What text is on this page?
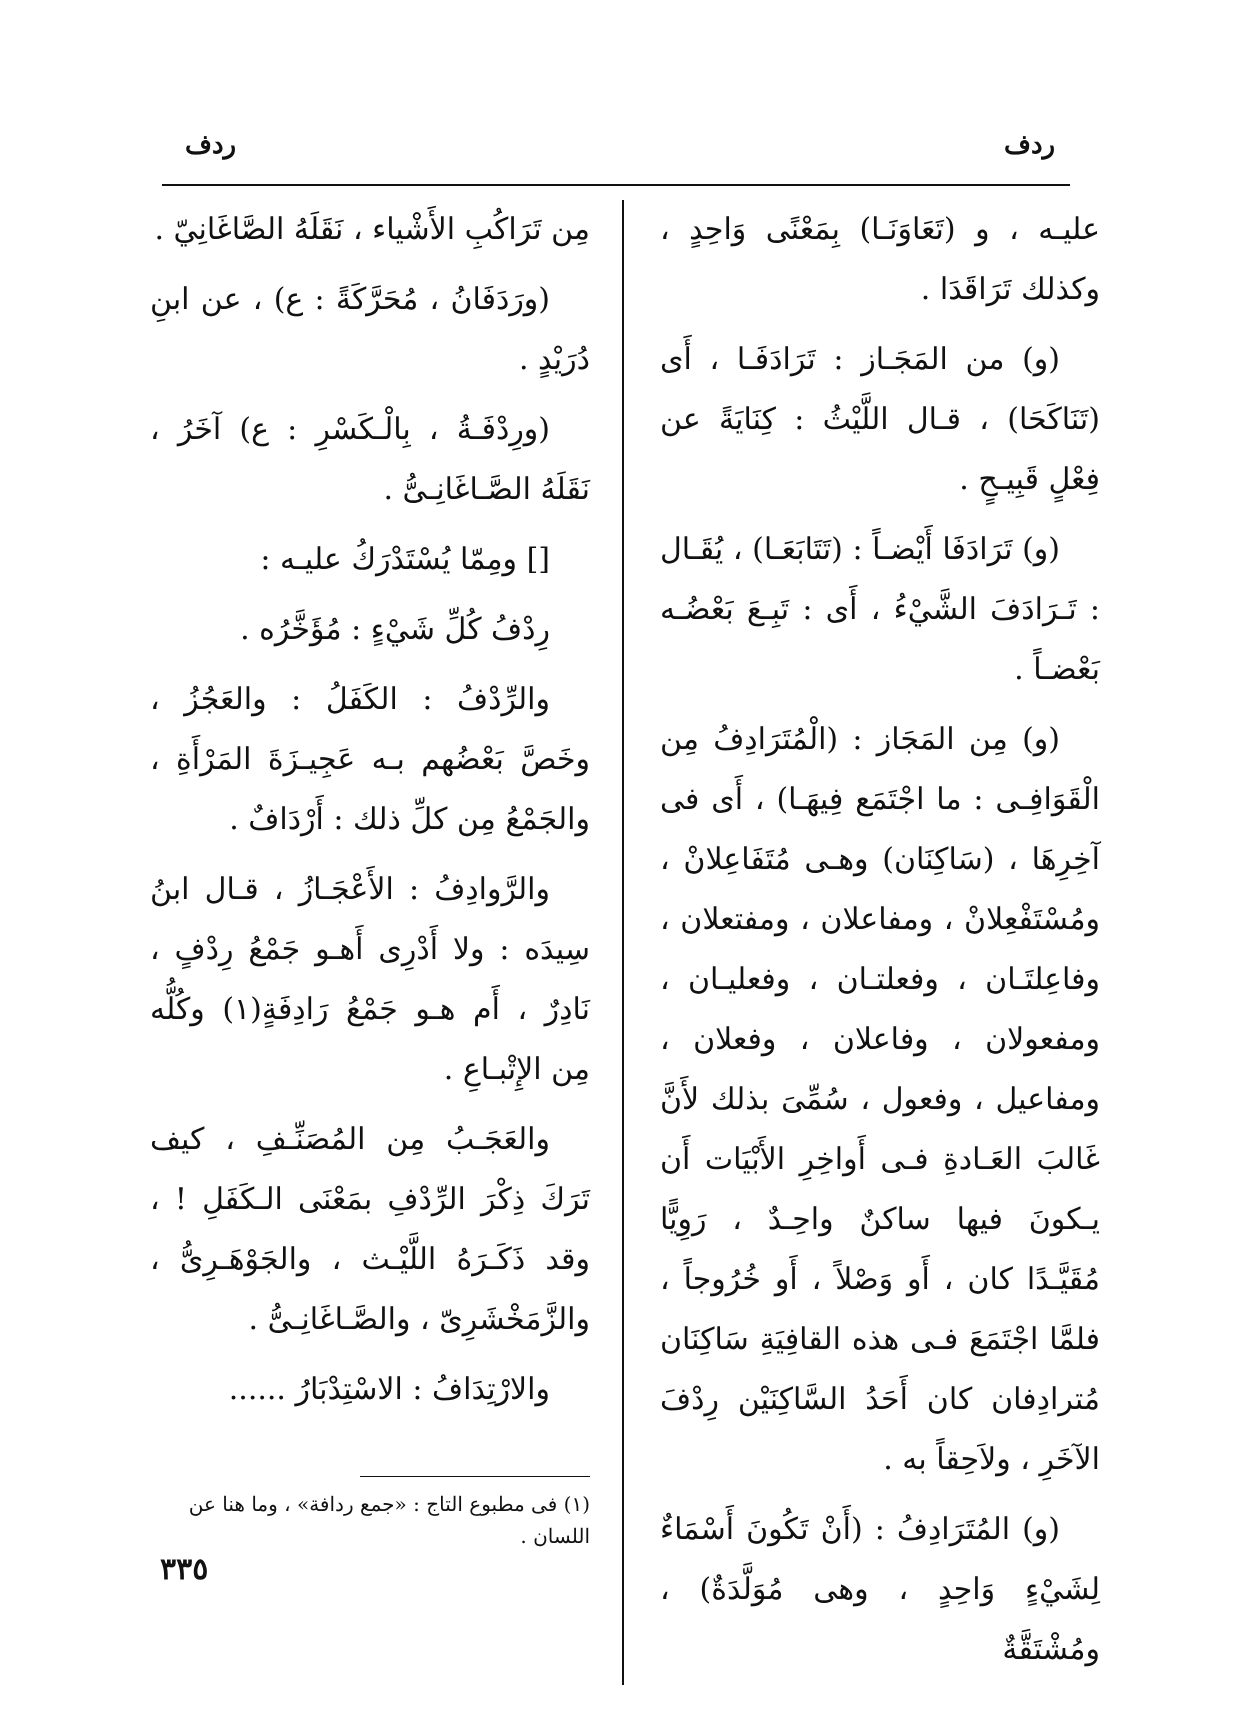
ردف
ردف

عليـه ، و (تَعَاوَنَـا) بِمَعْنًى وَاحِدٍ ، وكذلك تَرَاقَدَا .

(و) من المَجَـاز : تَرَادَفَـا ، أَى (تَنَاكَحَا) ، قـال اللَّيْثُ : كِنَايَةً عن فِعْلٍ قَبِيـحٍ .

(و) تَرَادَفَا أَيْضـاً : (تَتَابَعَـا) ، يُقَـال : تَـرَادَفَ الشَّيْءُ ، أَى : تَبِـعَ بَعْضُـه بَعْضـاً .

(و) مِن المَجَاز : (الْمُتَرَادِفُ مِن الْقَوَافِـى : ما اجْتَمَع فِيهَـا) ، أَى فى آخِرِهَا ، (سَاكِنَان) وهـى مُتَفَاعِلانْ ، ومُسْتَفْعِلانْ ، ومفاعلان ، ومفتعلان ، وفاعِلتَـان ، وفعلتـان ، وفعليـان ، ومفعولان ، وفاعلان ، وفعلان ، ومفاعيل ، وفعول ، سُمِّىَ بذلك لأَنَّ غَالبَ العَـادةِ فـى أَواخِرِ الأَبْيَات أَن يـكونَ فيها ساكنٌ واحِـدٌ ، رَوِيًّا مُقَيَّـدًا كان ، أَو وَصْلاً ، أَو خُرُوجاً ، فلمَّا اجْتَمَعَ فـى هذه القافِيَةِ سَاكِنَان مُترادِفان كان أَحَدُ السَّاكِنَيْن رِدْفَ الآخَرِ ، ولاَحِقاً به .

(و) المُتَرَادِفُ : (أَنْ تَكُونَ أَسْمَاءٌ لِشَيْءٍ وَاحِدٍ ، وهى مُوَلَّدَةٌ) ، ومُشْتَقَّةٌ

مِن تَرَاكُبِ الأَشْياء ، نَقَلَهُ الصَّاغَانِيّ .

(ورَدَفَانُ ، مُحَرَّكَةً : ع) ، عن ابنِ دُرَيْدٍ .

(ورِدْفَـةُ ، بِالْـكَسْرِ : ع) آخَرُ ، نَقَلَهُ الصَّـاغَانِـىُّ .

[] ومِمّا يُسْتَدْرَكُ عليـه :

رِدْفُ كُلِّ شَيْءٍ : مُؤَخَّرُه .

والرِّدْفُ : الكَفَلُ : والعَجُزُ ، وخَصَّ بَعْضُهم بـه عَجِيـزَةَ المَرْأَةِ ، والجَمْعُ مِن كلِّ ذلك : أَرْدَافٌ .

والرَّوادِفُ : الأَعْجَـازُ ، قـال ابنُ سِيدَه : ولا أَدْرِى أَهـو جَمْعُ رِدْفٍ ، نَادِرٌ ، أَم هـو جَمْعُ رَادِفَةٍ(١) وكُلُّه مِن الإِتْبـاعِ .

والعَجَـبُ مِن المُصَنِّـفِ ، كيف تَرَكَ ذِكْرَ الرِّدْفِ بمَعْنَى الـكَفَلِ ! ، وقد ذَكَـرَهُ اللَّيْـث ، والجَوْهَـرِىُّ ، والزَّمَخْشَرِىّ ، والصَّـاغَانِـىُّ .

والارْتِدَافُ : الاسْتِدْبَارُ ......

(١) فى مطبوع التاج : «جمع ردافة» ، وما هنا عن اللسان .
٣٣٥
